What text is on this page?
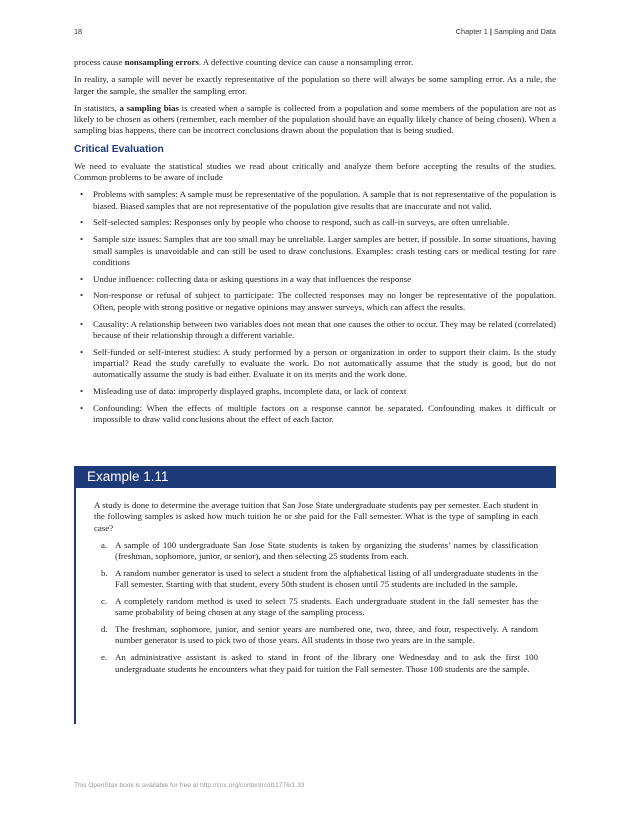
18	Chapter 1 | Sampling and Data

process cause nonsampling errors. A defective counting device can cause a nonsampling error.

In reality, a sample will never be exactly representative of the population so there will always be some sampling error. As a rule, the larger the sample, the smaller the sampling error.

In statistics, a sampling bias is created when a sample is collected from a population and some members of the population are not as likely to be chosen as others (remember, each member of the population should have an equally likely chance of being chosen). When a sampling bias happens, there can be incorrect conclusions drawn about the population that is being studied.

Critical Evaluation

We need to evaluate the statistical studies we read about critically and analyze them before accepting the results of the studies. Common problems to be aware of include

• Problems with samples: A sample must be representative of the population. A sample that is not representative of the population is biased. Biased samples that are not representative of the population give results that are inaccurate and not valid.
• Self-selected samples: Responses only by people who choose to respond, such as call-in surveys, are often unreliable.
• Sample size issues: Samples that are too small may be unreliable. Larger samples are better, if possible. In some situations, having small samples is unavoidable and can still be used to draw conclusions. Examples: crash testing cars or medical testing for rare conditions
• Undue influence: collecting data or asking questions in a way that influences the response
• Non-response or refusal of subject to participate: The collected responses may no longer be representative of the population. Often, people with strong positive or negative opinions may answer surveys, which can affect the results.
• Causality: A relationship between two variables does not mean that one causes the other to occur. They may be related (correlated) because of their relationship through a different variable.
• Self-funded or self-interest studies: A study performed by a person or organization in order to support their claim. Is the study impartial? Read the study carefully to evaluate the work. Do not automatically assume that the study is good, but do not automatically assume the study is bad either. Evaluate it on its merits and the work done.
• Misleading use of data: improperly displayed graphs, incomplete data, or lack of context
• Confounding: When the effects of multiple factors on a response cannot be separated. Confounding makes it difficult or impossible to draw valid conclusions about the effect of each factor.
Example 1.11

A study is done to determine the average tuition that San Jose State undergraduate students pay per semester. Each student in the following samples is asked how much tuition he or she paid for the Fall semester. What is the type of sampling in each case?

a. A sample of 100 undergraduate San Jose State students is taken by organizing the students’ names by classification (freshman, sophomore, junior, or senior), and then selecting 25 students from each.
b. A random number generator is used to select a student from the alphabetical listing of all undergraduate students in the Fall semester. Starting with that student, every 50th student is chosen until 75 students are included in the sample.
c. A completely random method is used to select 75 students. Each undergraduate student in the fall semester has the same probability of being chosen at any stage of the sampling process.
d. The freshman, sophomore, junior, and senior years are numbered one, two, three, and four, respectively. A random number generator is used to pick two of those years. All students in those two years are in the sample.
e. An administrative assistant is asked to stand in front of the library one Wednesday and to ask the first 100 undergraduate students he encounters what they paid for tuition the Fall semester. Those 100 students are the sample.
This OpenStax book is available for free at http://cnx.org/content/col11776/1.33
